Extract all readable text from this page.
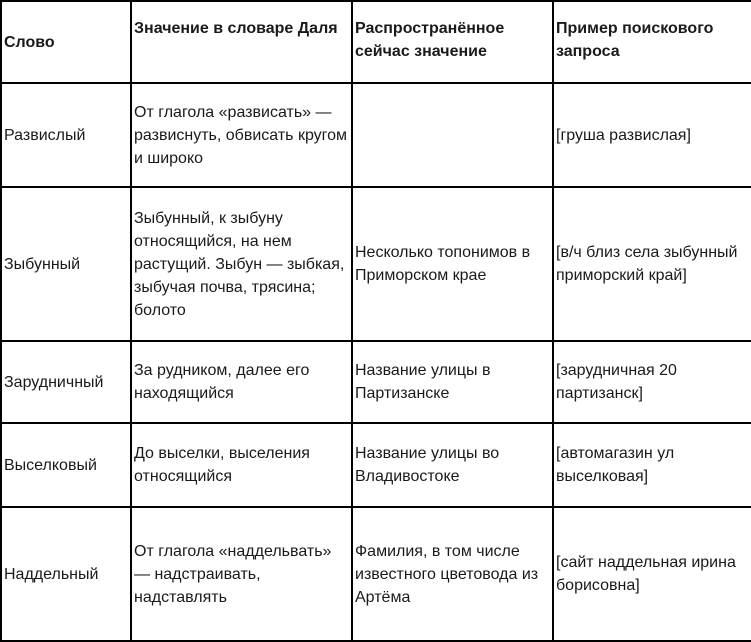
Слово	Значение в словаре Даля	Распространённое сейчас значение	Пример поискового запроса
Развислый	От глагола «развисать» — развиснуть, обвисать кругом и широко		[груша развислая]
Зыбунный	Зыбунный, к зыбуну относящийся, на нем растущий. Зыбун — зыбкая, зыбучая почва, трясина; болото	Несколько топонимов в Приморском крае	[в/ч близ села зыбунный приморский край]
Зарудничный	За рудником, далее его находящийся	Название улицы в Партизанске	[зарудничная 20 партизанск]
Выселковый	До выселки, выселения относящийся	Название улицы во Владивостоке	[автомагазин ул выселковая]
Наддельный	От глагола «наддельвать» — надстраивать, надставлять	Фамилия, в том числе известного цветовода из Артёма	[сайт наддельная ирина борисовна]
